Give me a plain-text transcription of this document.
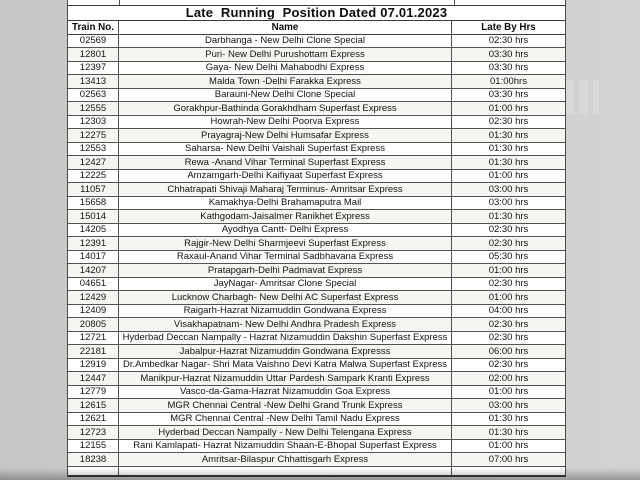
Late  Running  Position Dated 07.01.2023
Train No.	Name	Late By Hrs
02569	Darbhanga - New Delhi Clone Special	02:30 hrs
12801	Puri- New Delhi Purushottam Express	03:30 hrs
12397	Gaya- New Delhi Mahabodhi Express	03:30 hrs
13413	Malda Town -Delhi Farakka Express	01:00hrs
02563	Barauni-New Delhi Clone Special	03:30 hrs
12555	Gorakhpur-Bathinda Gorakhdham Superfast Express	01:00 hrs
12303	Howrah-New Delhi Poorva Express	02:30 hrs
12275	Prayagraj-New Delhi Humsafar Express	01:30 hrs
12553	Saharsa- New Delhi Vaishali Superfast Express	01:30 hrs
12427	Rewa -Anand Vihar Terminal Superfast Express	01:30 hrs
12225	Amzamgarh-Delhi Kaifiyaat Superfast Express	01:00 hrs
11057	Chhatrapati Shivaji Maharaj Terminus- Amritsar Express	03:00 hrs
15658	Kamakhya-Delhi Brahamaputra Mail	03:00 hrs
15014	Kathgodam-Jaisalmer Ranikhet Express	01:30 hrs
14205	Ayodhya Cantt- Delhi Express	02:30 hrs
12391	Rajgir-New Delhi Sharmjeevi Superfast Express	02:30 hrs
14017	Raxaul-Anand Vihar Terminal Sadbhavana Express	05:30 hrs
14207	Pratapgarh-Delhi Padmavat Express	01:00 hrs
04651	JayNagar- Amritsar Clone Special	02:30 hrs
12429	Lucknow Charbagh- New Delhi AC Superfast Express	01:00 hrs
12409	Raigarh-Hazrat Nizamuddin Gondwana Express	04:00 hrs
20805	Visakhapatnam- New Delhi Andhra Pradesh Express	02:30 hrs
12721	Hyderbad Deccan Nampally - Hazrat Nizamuddin Dakshin Superfast Express	02:30 hrs
22181	Jabalpur-Hazrat Nizamuddin Gondwana Expresss	06:00 hrs
12919	Dr.Ambedkar Nagar- Shri Mata Vaishno Devi Katra Malwa Superfast Express	02:30 hrs
12447	Manikpur-Hazrat Nizamuddin Uttar Pardesh Sampark Kranti Express	02:00 hrs
12779	Vasco-da-Gama-Hazrat Nizamuddin Goa Express	01:00 hrs
12615	MGR Chennai Central -New Delhi Grand Trunk Express	03:00 hrs
12621	MGR Chennai Central -New Delhi Tamil Nadu Express	01:30 hrs
12723	Hyderbad Deccan Nampally - New Delhi Telengana Express	01:30 hrs
12155	Rani Kamlapati- Hazrat Nizamuddin Shaan-E-Bhopal Superfast Express	01:00 hrs
18238	Amritsar-Bilaspur Chhattisgarh Express	07:00 hrs
